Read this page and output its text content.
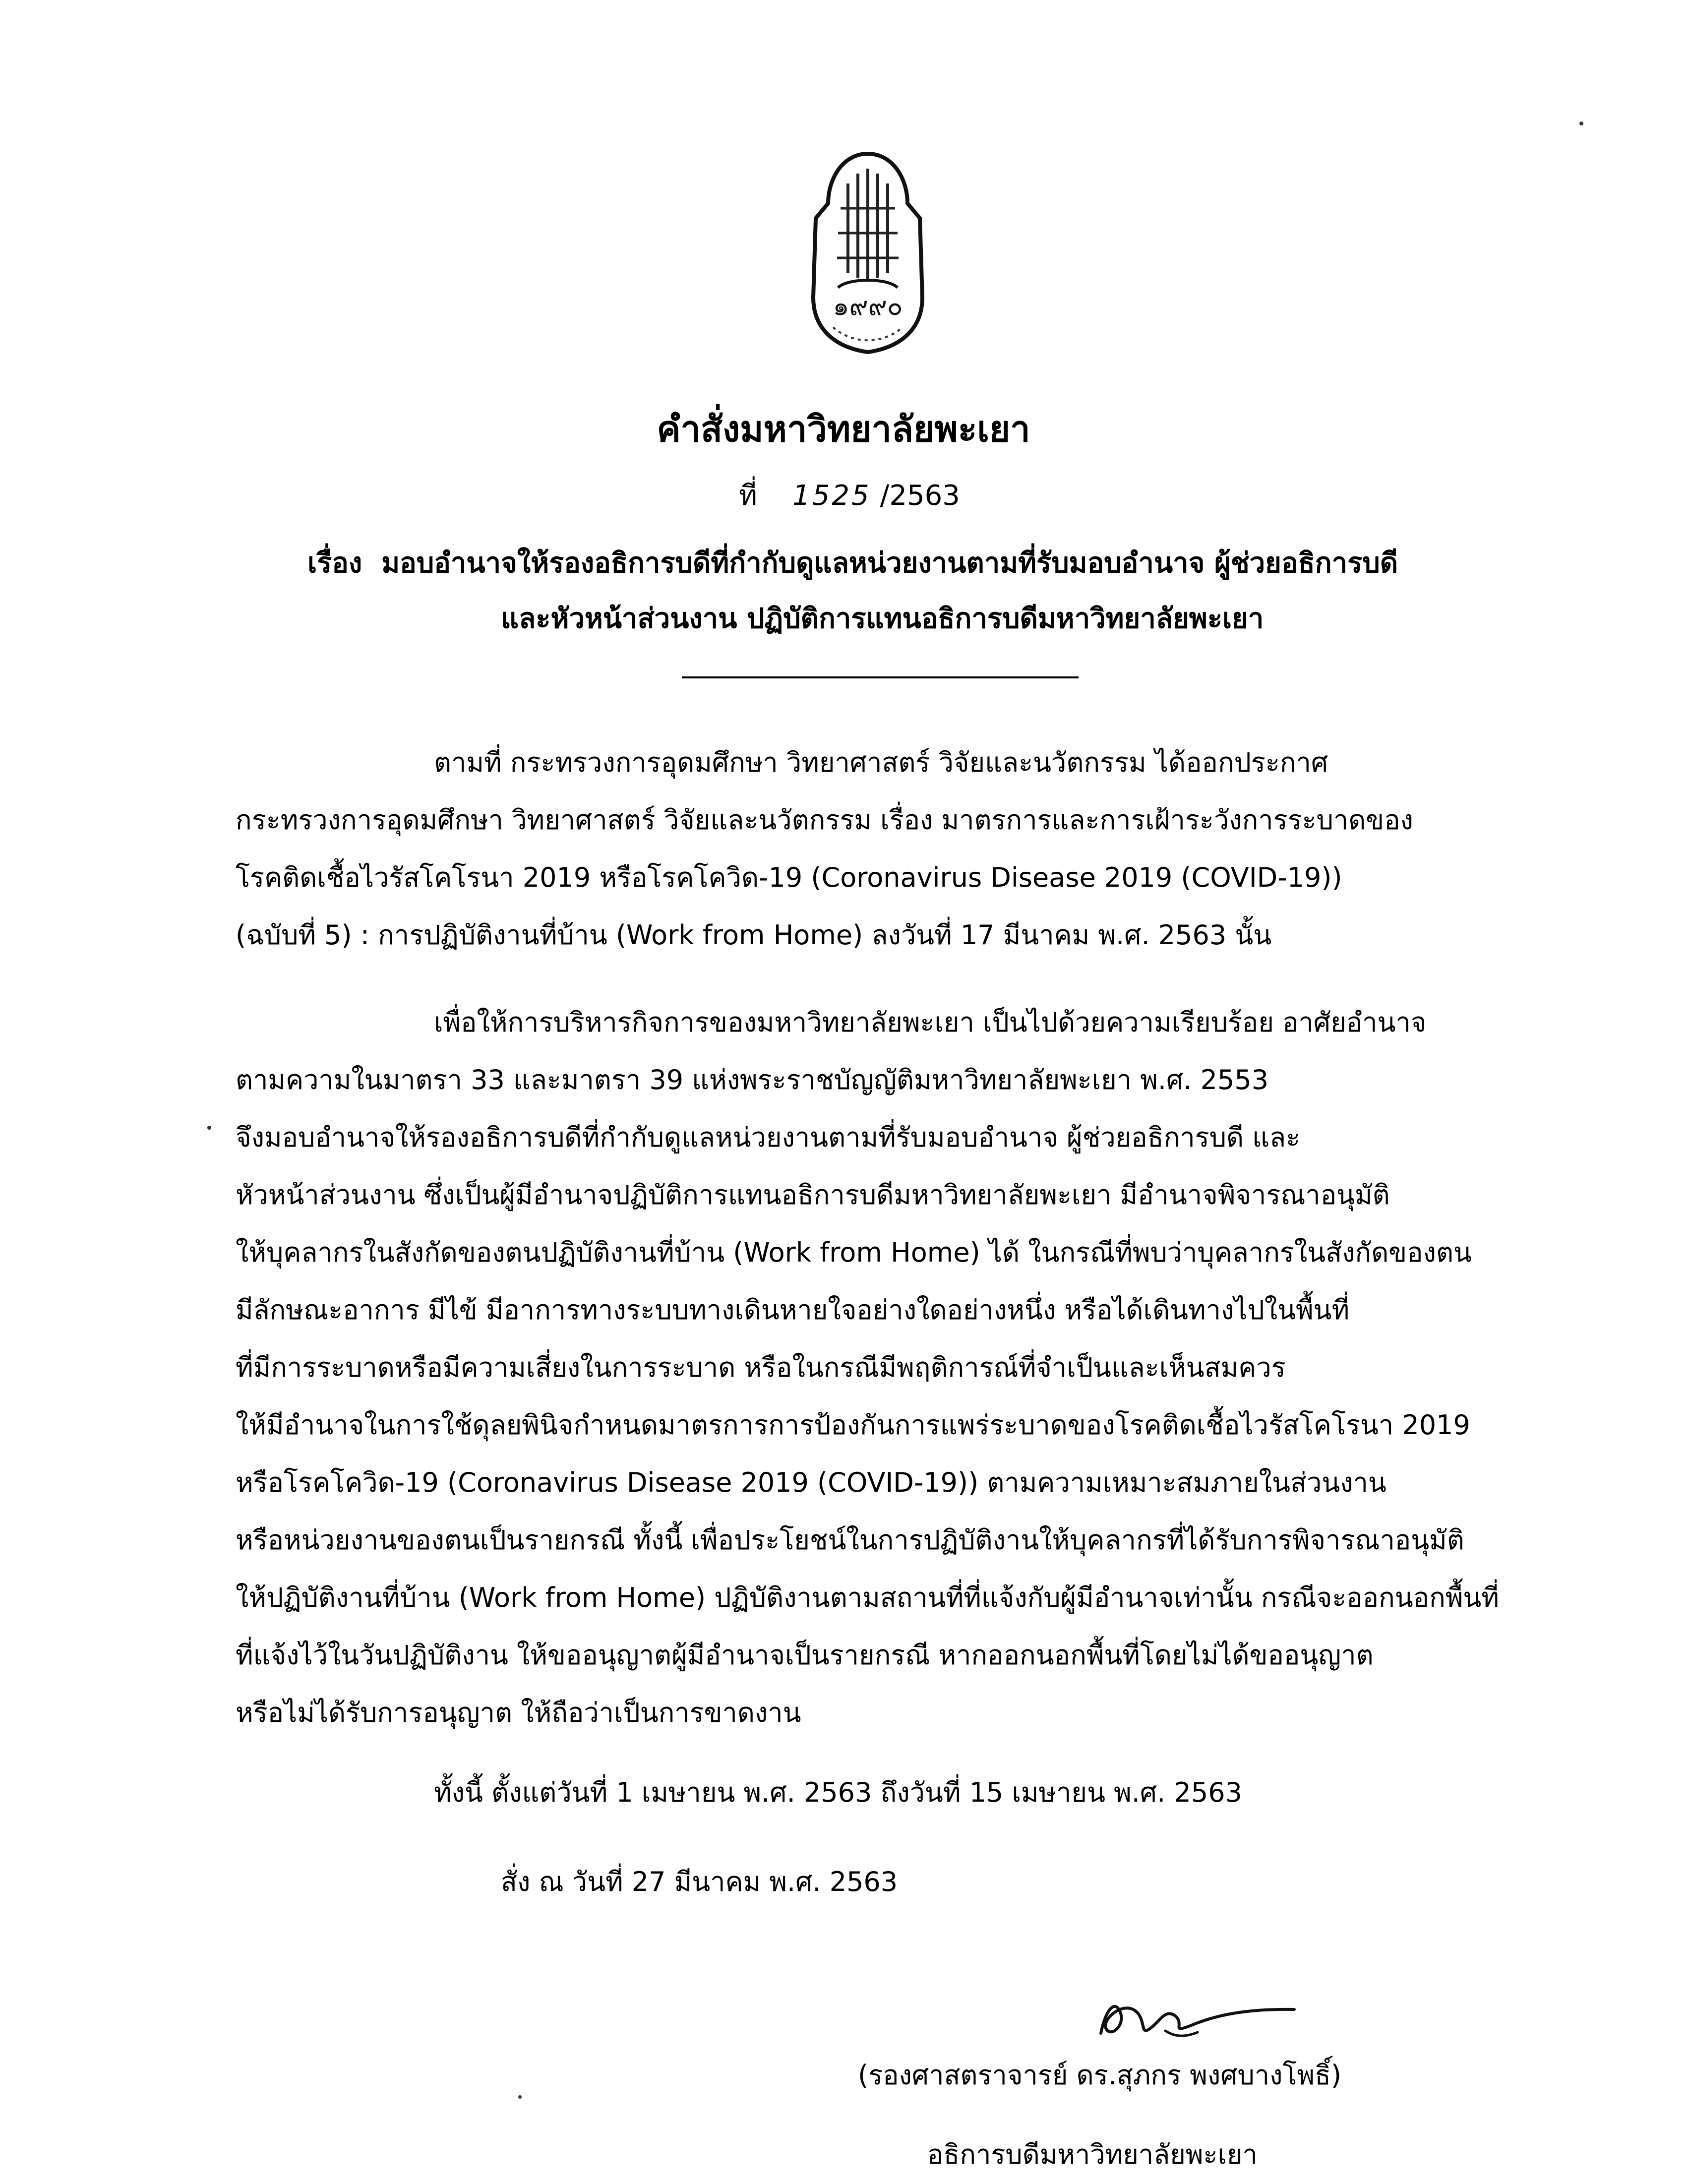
๑๙๙๐
คำสั่งมหาวิทยาลัยพะเยา
ที่ 1525 /2563
เรื่อง มอบอำนาจให้รองอธิการบดีที่กำกับดูแลหน่วยงานตามที่รับมอบอำนาจ ผู้ช่วยอธิการบดี
และหัวหน้าส่วนงาน ปฏิบัติการแทนอธิการบดีมหาวิทยาลัยพะเยา
ตามที่ กระทรวงการอุดมศึกษา วิทยาศาสตร์ วิจัยและนวัตกรรม ได้ออกประกาศ
กระทรวงการอุดมศึกษา วิทยาศาสตร์ วิจัยและนวัตกรรม เรื่อง มาตรการและการเฝ้าระวังการระบาดของ
โรคติดเชื้อไวรัสโคโรนา 2019 หรือโรคโควิด-19 (Coronavirus Disease 2019 (COVID-19))
(ฉบับที่ 5) : การปฏิบัติงานที่บ้าน (Work from Home) ลงวันที่ 17 มีนาคม พ.ศ. 2563 นั้น
เพื่อให้การบริหารกิจการของมหาวิทยาลัยพะเยา เป็นไปด้วยความเรียบร้อย อาศัยอำนาจ
ตามความในมาตรา 33 และมาตรา 39 แห่งพระราชบัญญัติมหาวิทยาลัยพะเยา พ.ศ. 2553
จึงมอบอำนาจให้รองอธิการบดีที่กำกับดูแลหน่วยงานตามที่รับมอบอำนาจ ผู้ช่วยอธิการบดี และ
หัวหน้าส่วนงาน ซึ่งเป็นผู้มีอำนาจปฏิบัติการแทนอธิการบดีมหาวิทยาลัยพะเยา มีอำนาจพิจารณาอนุมัติ
ให้บุคลากรในสังกัดของตนปฏิบัติงานที่บ้าน (Work from Home) ได้ ในกรณีที่พบว่าบุคลากรในสังกัดของตน
มีลักษณะอาการ มีไข้ มีอาการทางระบบทางเดินหายใจอย่างใดอย่างหนึ่ง หรือได้เดินทางไปในพื้นที่
ที่มีการระบาดหรือมีความเสี่ยงในการระบาด หรือในกรณีมีพฤติการณ์ที่จำเป็นและเห็นสมควร
ให้มีอำนาจในการใช้ดุลยพินิจกำหนดมาตรการการป้องกันการแพร่ระบาดของโรคติดเชื้อไวรัสโคโรนา 2019
หรือโรคโควิด-19 (Coronavirus Disease 2019 (COVID-19)) ตามความเหมาะสมภายในส่วนงาน
หรือหน่วยงานของตนเป็นรายกรณี ทั้งนี้ เพื่อประโยชน์ในการปฏิบัติงานให้บุคลากรที่ได้รับการพิจารณาอนุมัติ
ให้ปฏิบัติงานที่บ้าน (Work from Home) ปฏิบัติงานตามสถานที่ที่แจ้งกับผู้มีอำนาจเท่านั้น กรณีจะออกนอกพื้นที่
ที่แจ้งไว้ในวันปฏิบัติงาน ให้ขออนุญาตผู้มีอำนาจเป็นรายกรณี หากออกนอกพื้นที่โดยไม่ได้ขออนุญาต
หรือไม่ได้รับการอนุญาต ให้ถือว่าเป็นการขาดงาน
ทั้งนี้ ตั้งแต่วันที่ 1 เมษายน พ.ศ. 2563 ถึงวันที่ 15 เมษายน พ.ศ. 2563
สั่ง ณ วันที่ 27 มีนาคม พ.ศ. 2563
(รองศาสตราจารย์ ดร.สุภกร พงศบางโพธิ์)
อธิการบดีมหาวิทยาลัยพะเยา
